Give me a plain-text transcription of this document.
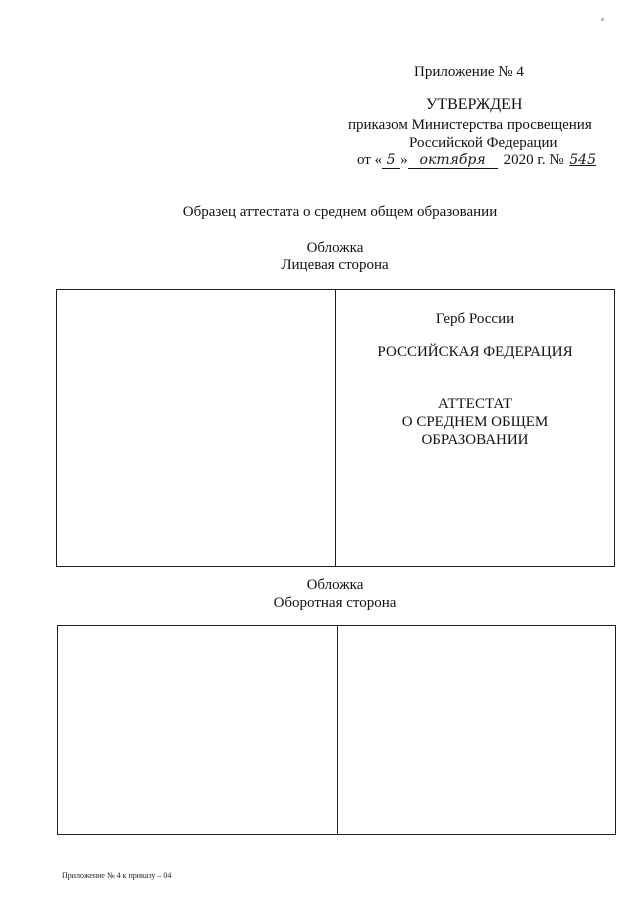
Приложение № 4
УТВЕРЖДЕН
приказом Министерства просвещения
Российской Федерации
от « 5 » октября	2020 г. № 545
Образец аттестата о среднем общем образовании
Обложка
Лицевая сторона
Герб России
РОССИЙСКАЯ ФЕДЕРАЦИЯ
АТТЕСТАТ
О СРЕДНЕМ ОБЩЕМ
ОБРАЗОВАНИИ
Обложка
Оборотная сторона
Приложение № 4 к приказу – 04
